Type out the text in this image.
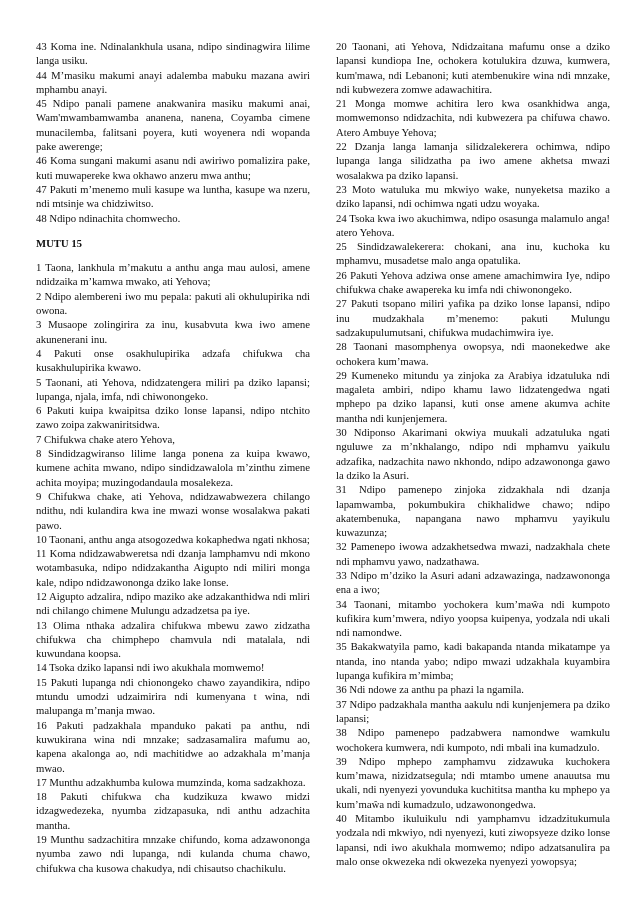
43 Koma ine. Ndinalankhula usana, ndipo sindinagwira lilime langa usiku.

44 M’masiku makumi anayi adalemba mabuku mazana awiri mphambu anayi.

45 Ndipo panali pamene anakwanira masiku makumi anai, Wam'mwambamwamba ananena, nanena, Coyamba cimene munacilemba, falitsani poyera, kuti woyenera ndi wopanda pake awerenge;

46 Koma sungani makumi asanu ndi awiriwo pomalizira pake, kuti muwapereke kwa okhawo anzeru mwa anthu;

47 Pakuti m’menemo muli kasupe wa luntha, kasupe wa nzeru, ndi mtsinje wa chidziwitso.

48 Ndipo ndinachita chomwecho.

MUTU 15

1 Taona, lankhula m’makutu a anthu anga mau aulosi, amene ndidzaika m’kamwa mwako, ati Yehova;

2 Ndipo alembereni iwo mu pepala: pakuti ali okhulupirika ndi owona.

3 Musaope zolingirira za inu, kusabvuta kwa iwo amene akunenerani inu.

4 Pakuti onse osakhulupirika adzafa chifukwa cha kusakhulupirika kwawo.

5 Taonani, ati Yehova, ndidzatengera miliri pa dziko lapansi; lupanga, njala, imfa, ndi chiwonongeko.

6 Pakuti kuipa kwaipitsa dziko lonse lapansi, ndipo ntchito zawo zoipa zakwaniritsidwa.

7 Chifukwa chake atero Yehova,

8 Sindidzagwiranso lilime langa ponena za kuipa kwawo, kumene achita mwano, ndipo sindidzawalola m’zinthu zimene achita moyipa; muzingodandaula mosalekeza.

9 Chifukwa chake, ati Yehova, ndidzawabwezera chilango ndithu, ndi kulandira kwa ine mwazi wonse wosalakwa pakati pawo.

10 Taonani, anthu anga atsogozedwa kokaphedwa ngati nkhosa;

11 Koma ndidzawabweretsa ndi dzanja lamphamvu ndi mkono wotambasuka, ndipo ndidzakantha Aigupto ndi miliri monga kale, ndipo ndidzawononga dziko lake lonse.

12 Aigupto adzalira, ndipo maziko ake adzakanthidwa ndi mliri ndi chilango chimene Mulungu adzadzetsa pa iye.

13 Olima nthaka adzalira chifukwa mbewu zawo zidzatha chifukwa cha chimphepo chamvula ndi matalala, ndi kuwundana koopsa.

14 Tsoka dziko lapansi ndi iwo akukhala momwemo!

15 Pakuti lupanga ndi chionongeko chawo zayandikira, ndipo mtundu umodzi udzaimirira ndi kumenyana t wina, ndi malupanga m’manja mwao.

16 Pakuti padzakhala mpanduko pakati pa anthu, ndi kuwukirana wina ndi mnzake; sadzasamalira mafumu ao, kapena akalonga ao, ndi machitidwe ao adzakhala m’manja mwao.

17 Munthu adzakhumba kulowa mumzinda, koma sadzakhoza.

18 Pakuti chifukwa cha kudzikuza kwawo midzi idzagwedezeka, nyumba zidzapasuka, ndi anthu adzachita mantha.

19 Munthu sadzachitira mnzake chifundo, koma adzawononga nyumba zawo ndi lupanga, ndi kulanda chuma chawo, chifukwa cha kusowa chakudya, ndi chisautso chachikulu.

20 Taonani, ati Yehova, Ndidzaitana mafumu onse a dziko lapansi kundiopa Ine, ochokera kotulukira dzuwa, kumwera, kum'mawa, ndi Lebanoni; kuti atembenukire wina ndi mnzake, ndi kubwezera zomwe adawachitira.

21 Monga momwe achitira lero kwa osankhidwa anga, momwemonso ndidzachita, ndi kubwezera pa chifuwa chawo. Atero Ambuye Yehova;

22 Dzanja langa lamanja silidzalekerera ochimwa, ndipo lupanga langa silidzatha pa iwo amene akhetsa mwazi wosalakwa pa dziko lapansi.

23 Moto watuluka mu mkwiyo wake, nunyeketsa maziko a dziko lapansi, ndi ochimwa ngati udzu woyaka.

24 Tsoka kwa iwo akuchimwa, ndipo osasunga malamulo anga! atero Yehova.

25 Sindidzawalekerera: chokani, ana inu, kuchoka ku mphamvu, musadetse malo anga opatulika.

26 Pakuti Yehova adziwa onse amene amachimwira Iye, ndipo chifukwa chake awapereka ku imfa ndi chiwonongeko.

27 Pakuti tsopano miliri yafika pa dziko lonse lapansi, ndipo inu mudzakhala m’menemo: pakuti Mulungu sadzakupulumutsani, chifukwa mudachimwira iye.

28 Taonani masomphenya owopsya, ndi maonekedwe ake ochokera kum’mawa.

29 Kumeneko mitundu ya zinjoka za Arabiya idzatuluka ndi magaleta ambiri, ndipo khamu lawo lidzatengedwa ngati mphepo pa dziko lapansi, kuti onse amene akumva achite mantha ndi kunjenjemera.

30 Ndiponso Akarimani okwiya muukali adzatuluka ngati nguluwe za m’nkhalango, ndipo ndi mphamvu yaikulu adzafika, nadzachita nawo nkhondo, ndipo adzawononga gawo la dziko la Asuri.

31 Ndipo pamenepo zinjoka zidzakhala ndi dzanja lapamwamba, pokumbukira chikhalidwe chawo; ndipo akatembenuka, napangana nawo mphamvu yayikulu kuwazunza;

32 Pamenepo iwowa adzakhetsedwa mwazi, nadzakhala chete ndi mphamvu yawo, nadzathawa.

33 Ndipo m’dziko la Asuri adani adzawazinga, nadzawononga ena a iwo;

34 Taonani, mitambo yochokera kum’maŵa ndi kumpoto kufikira kum’mwera, ndiyo yoopsa kuipenya, yodzala ndi ukali ndi namondwe.

35 Bakakwatyila pamo, kadi bakapanda ntanda mikatampe ya ntanda, ino ntanda yabo; ndipo mwazi udzakhala kuyambira lupanga kufikira m’mimba;

36 Ndi ndowe za anthu pa phazi la ngamila.

37 Ndipo padzakhala mantha aakulu ndi kunjenjemera pa dziko lapansi;

38 Ndipo pamenepo padzabwera namondwe wamkulu wochokera kumwera, ndi kumpoto, ndi mbali ina kumadzulo.

39 Ndipo mphepo zamphamvu zidzawuka kuchokera kum’mawa, nizidzatsegula; ndi mtambo umene anauutsa mu ukali, ndi nyenyezi yovunduka kuchititsa mantha ku mphepo ya kum’maŵa ndi kumadzulo, udzawonongedwa.

40 Mitambo ikuluikulu ndi yamphamvu idzadzitukumula yodzala ndi mkwiyo, ndi nyenyezi, kuti ziwopsyeze dziko lonse lapansi, ndi iwo akukhala momwemo; ndipo adzatsanulira pa malo onse okwezeka ndi okwezeka nyenyezi yowopsya;
